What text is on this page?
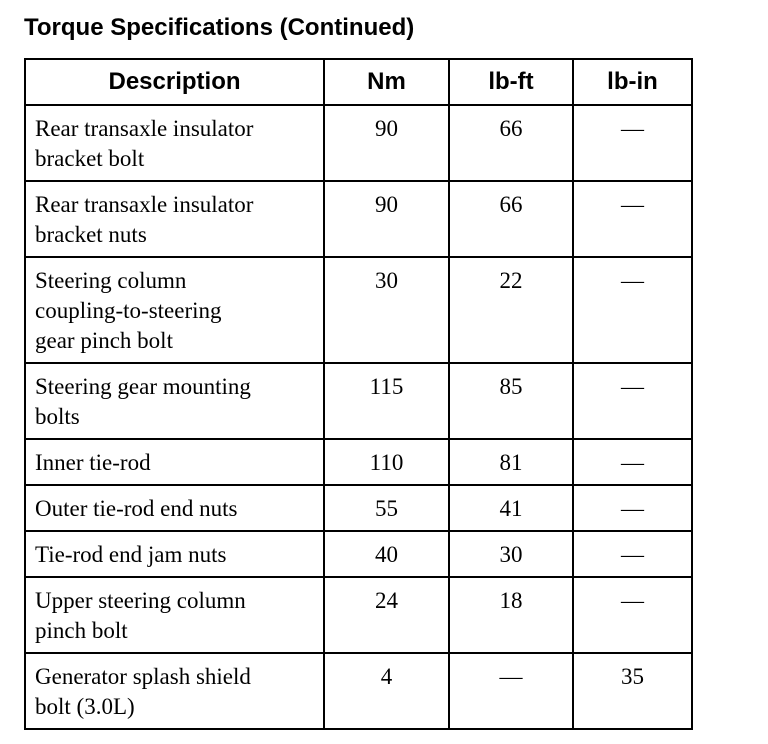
Torque Specifications (Continued)
Description	Nm	lb-ft	lb-in

Rear transaxle insulator
bracket bolt	90	66	—

Rear transaxle insulator
bracket nuts	90	66	—

Steering column
coupling-to-steering
gear pinch bolt	30	22	—

Steering gear mounting
bolts	115	85	—

Inner tie-rod	110	81	—

Outer tie-rod end nuts	55	41	—

Tie-rod end jam nuts	40	30	—

Upper steering column
pinch bolt	24	18	—

Generator splash shield
bolt (3.0L)	4	—	35
